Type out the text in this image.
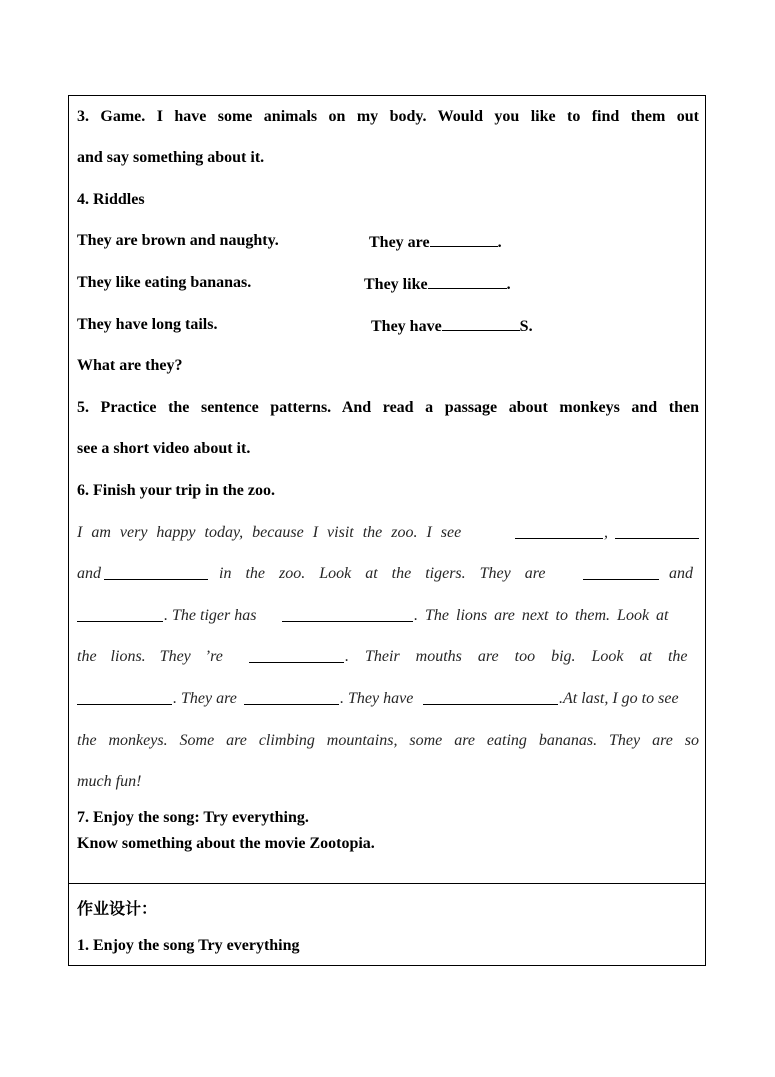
3. Game. I have some animals on my body. Would you like to find them out
and say something about it.
4. Riddles
They are brown and naughty.	They are	.
They like eating bananas.	They like	.
They have long tails.	They have	S.
What are they?
5. Practice the sentence patterns. And read a passage about monkeys and then
see a short video about it.
6. Finish your trip in the zoo.
I am very happy today, because I visit the zoo. I see	,
and	in the zoo. Look at the tigers. They are	and
. The tiger has	. The lions are next to them. Look at
the lions. They ’re	. Their mouths are too big. Look at the
. They are	. They have	.At last, I go to see
the monkeys. Some are climbing mountains, some are eating bananas. They are so
much fun!
7. Enjoy the song: Try everything.
Know something about the movie Zootopia.
作业设计：
1. Enjoy the song Try everything
